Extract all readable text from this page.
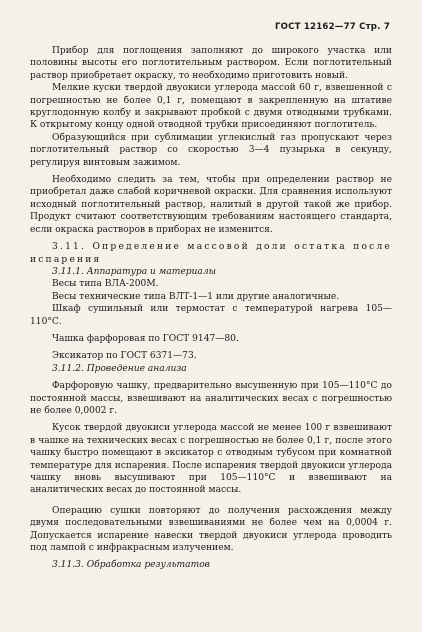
ГОСТ 12162—77 Стр. 7

Прибор для поглощения заполняют до широкого участка или половины высоты его поглотительным раствором. Если поглотительный раствор приобретает окраску, то необходимо приготовить новый.

Мелкие куски твердой двуокиси углерода массой 60 г, взвешенной с погрешностью не более 0,1 г, помещают в закрепленную на штативе круглодонную колбу и закрывают пробкой с двумя отводными трубками. К открытому концу одной отводной трубки присоединяют поглотитель.

Образующийся при сублимации углекислый газ пропускают через поглотительный раствор со скоростью 3—4 пузырька в секунду, регулируя винтовым зажимом.

Необходимо следить за тем, чтобы при определении раствор не приобретал даже слабой коричневой окраски. Для сравнения используют исходный поглотительный раствор, налитый в другой такой же прибор. Продукт считают соответствующим требованиям настоящего стандарта, если окраска растворов в приборах не изменится.

3.11. Определение массовой доли остатка после испарения

3.11.1. Аппаратура и материалы

Весы типа ВЛА-200М.

Весы технические типа ВЛТ-1—1 или другие аналогичные.

Шкаф сушильный или термостат с температурой нагрева 105—110°С.

Чашка фарфоровая по ГОСТ 9147—80.

Эксикатор по ГОСТ 6371—73.

3.11.2. Проведение анализа

Фарфоровую чашку, предварительно высушенную при 105—110°С до постоянной массы, взвешивают на аналитических весах с погрешностью не более 0,0002 г.

Кусок твердой двуокиси углерода массой не менее 100 г взвешивают в чашке на технических весах с погрешностью не более 0,1 г, после этого чашку быстро помещают в эксикатор с отводным тубусом при комнатной температуре для испарения. После испарения твердой двуокиси углерода чашку вновь высушивают при 105—110°С и взвешивают на аналитических весах до постоянной массы.

Операцию сушки повторяют до получения расхождения между двумя последовательными взвешиваниями не более чем на 0,0004 г. Допускается испарение навески твердой двуокиси углерода проводить под лампой с инфракрасным излучением.

3.11.3. Обработка результатов
